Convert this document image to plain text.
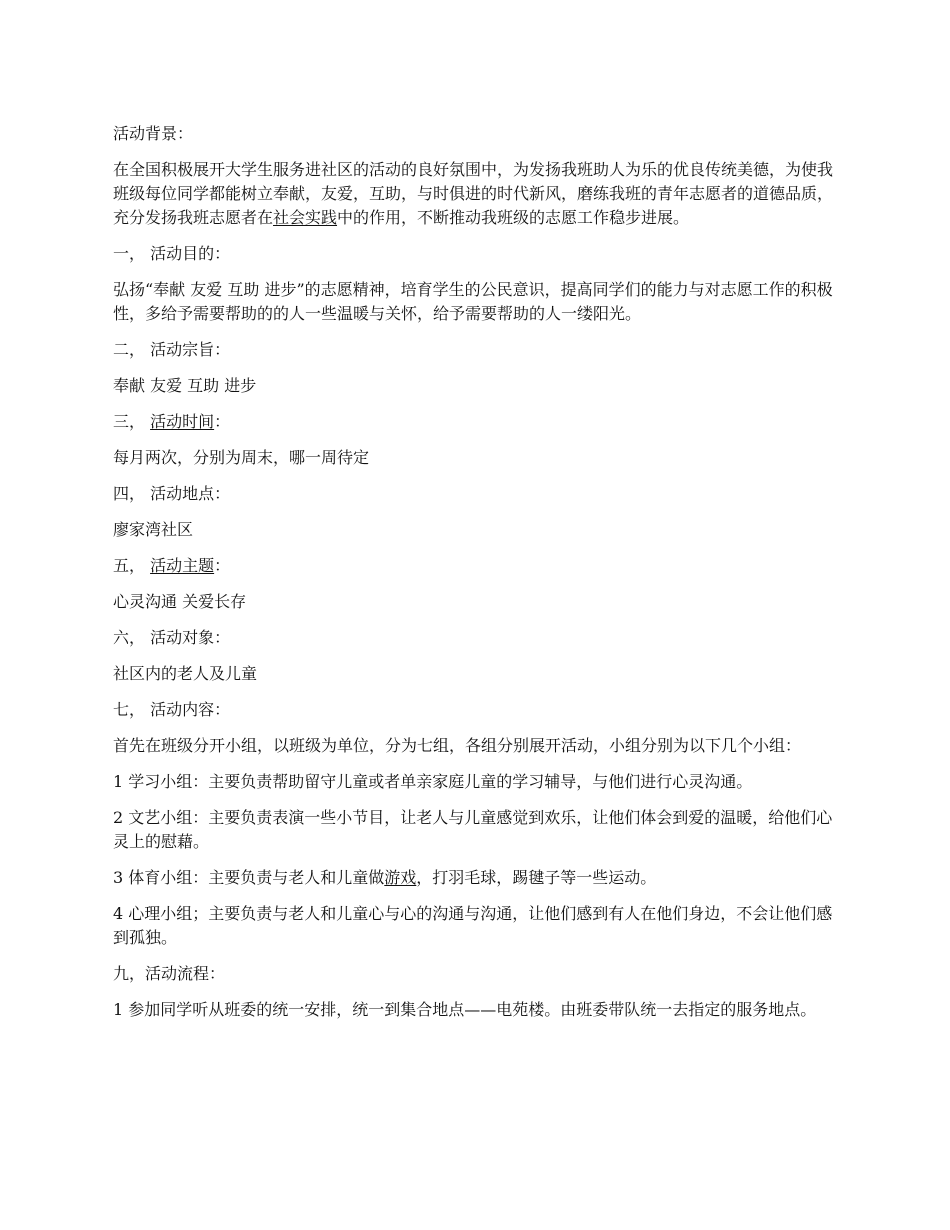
活动背景：

在全国积极展开大学生服务进社区的活动的良好氛围中，为发扬我班助人为乐的优良传统美德，为使我班级每位同学都能树立奉献，友爱，互助，与时俱进的时代新风，磨练我班的青年志愿者的道德品质，充分发扬我班志愿者在社会实践中的作用，不断推动我班级的志愿工作稳步进展。

一， 活动目的：

弘扬“奉献 友爱 互助 进步”的志愿精神，培育学生的公民意识，提高同学们的能力与对志愿工作的积极性，多给予需要帮助的的人一些温暖与关怀，给予需要帮助的人一缕阳光。

二， 活动宗旨：

奉献 友爱 互助 进步

三， 活动时间：

每月两次，分别为周末，哪一周待定

四， 活动地点：

廖家湾社区

五， 活动主题：

心灵沟通 关爱长存

六， 活动对象：

社区内的老人及儿童

七， 活动内容：

首先在班级分开小组，以班级为单位，分为七组，各组分别展开活动，小组分别为以下几个小组：

1 学习小组：主要负责帮助留守儿童或者单亲家庭儿童的学习辅导，与他们进行心灵沟通。

2 文艺小组：主要负责表演一些小节目，让老人与儿童感觉到欢乐，让他们体会到爱的温暖，给他们心灵上的慰藉。

3 体育小组：主要负责与老人和儿童做游戏，打羽毛球，踢毽子等一些运动。

4 心理小组；主要负责与老人和儿童心与心的沟通与沟通，让他们感到有人在他们身边，不会让他们感到孤独。

九，活动流程：

1 参加同学听从班委的统一安排，统一到集合地点——电苑楼。由班委带队统一去指定的服务地点。
